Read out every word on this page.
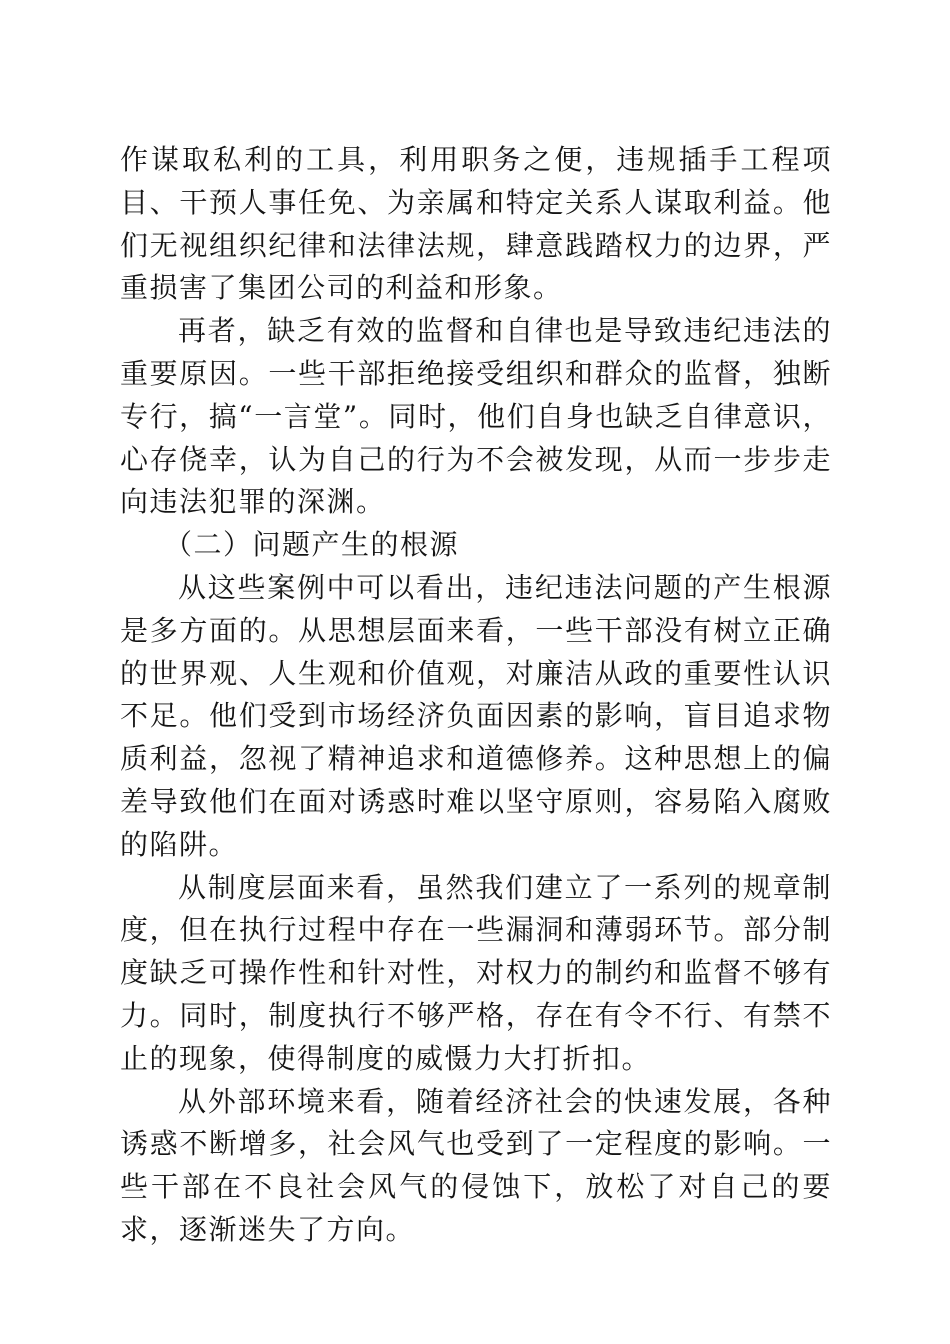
作谋取私利的工具，利用职务之便，违规插手工程项目、干预人事任免、为亲属和特定关系人谋取利益。他们无视组织纪律和法律法规，肆意践踏权力的边界，严重损害了集团公司的利益和形象。

再者，缺乏有效的监督和自律也是导致违纪违法的重要原因。一些干部拒绝接受组织和群众的监督，独断专行，搞“一言堂”。同时，他们自身也缺乏自律意识，心存侥幸，认为自己的行为不会被发现，从而一步步走向违法犯罪的深渊。

（二）问题产生的根源

从这些案例中可以看出，违纪违法问题的产生根源是多方面的。从思想层面来看，一些干部没有树立正确的世界观、人生观和价值观，对廉洁从政的重要性认识不足。他们受到市场经济负面因素的影响，盲目追求物质利益，忽视了精神追求和道德修养。这种思想上的偏差导致他们在面对诱惑时难以坚守原则，容易陷入腐败的陷阱。

从制度层面来看，虽然我们建立了一系列的规章制度，但在执行过程中存在一些漏洞和薄弱环节。部分制度缺乏可操作性和针对性，对权力的制约和监督不够有力。同时，制度执行不够严格，存在有令不行、有禁不止的现象，使得制度的威慑力大打折扣。

从外部环境来看，随着经济社会的快速发展，各种诱惑不断增多，社会风气也受到了一定程度的影响。一些干部在不良社会风气的侵蚀下，放松了对自己的要求，逐渐迷失了方向。
